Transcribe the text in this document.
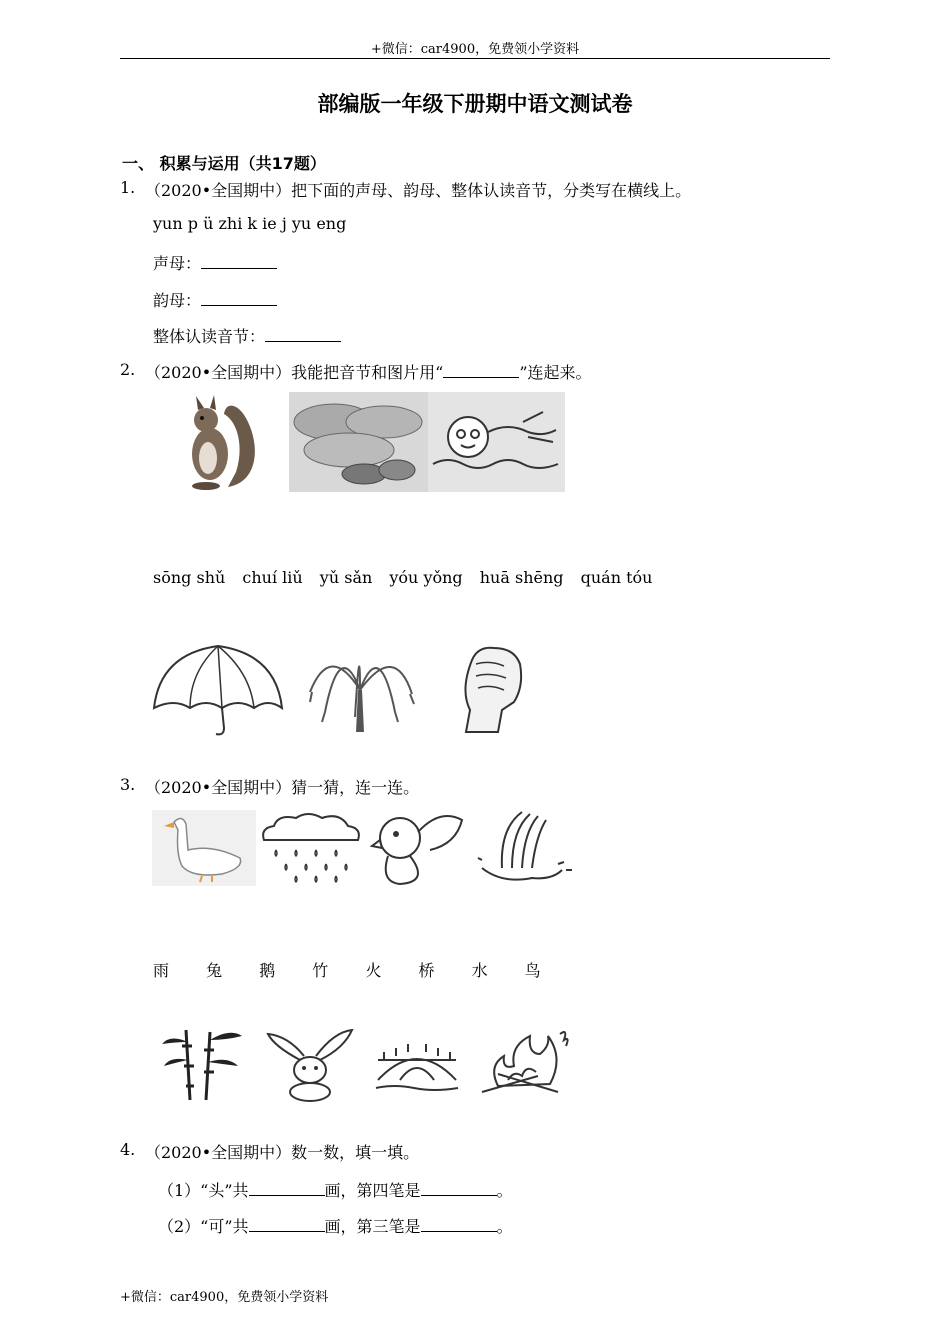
+微信：car4900，免费领小学资料
部编版一年级下册期中语文测试卷
一、 积累与运用（共17题）
1. （2020•全国期中）把下面的声母、韵母、整体认读音节，分类写在横线上。
yun p ü zhi k ie j yu eng
声母：
韵母：
整体认读音节：
2. （2020•全国期中）我能把音节和图片用“	”连起来。
sōng shǔ chuí liǔ yǔ sǎn yóu yǒng huā shēng quán tóu
3. （2020•全国期中）猜一猜，连一连。
雨 兔 鹅 竹 火 桥 水 鸟
4. （2020•全国期中）数一数，填一填。
（1）“头”共	画，第四笔是	。
（2）“可”共	画，第三笔是	。
+微信：car4900，免费领小学资料
